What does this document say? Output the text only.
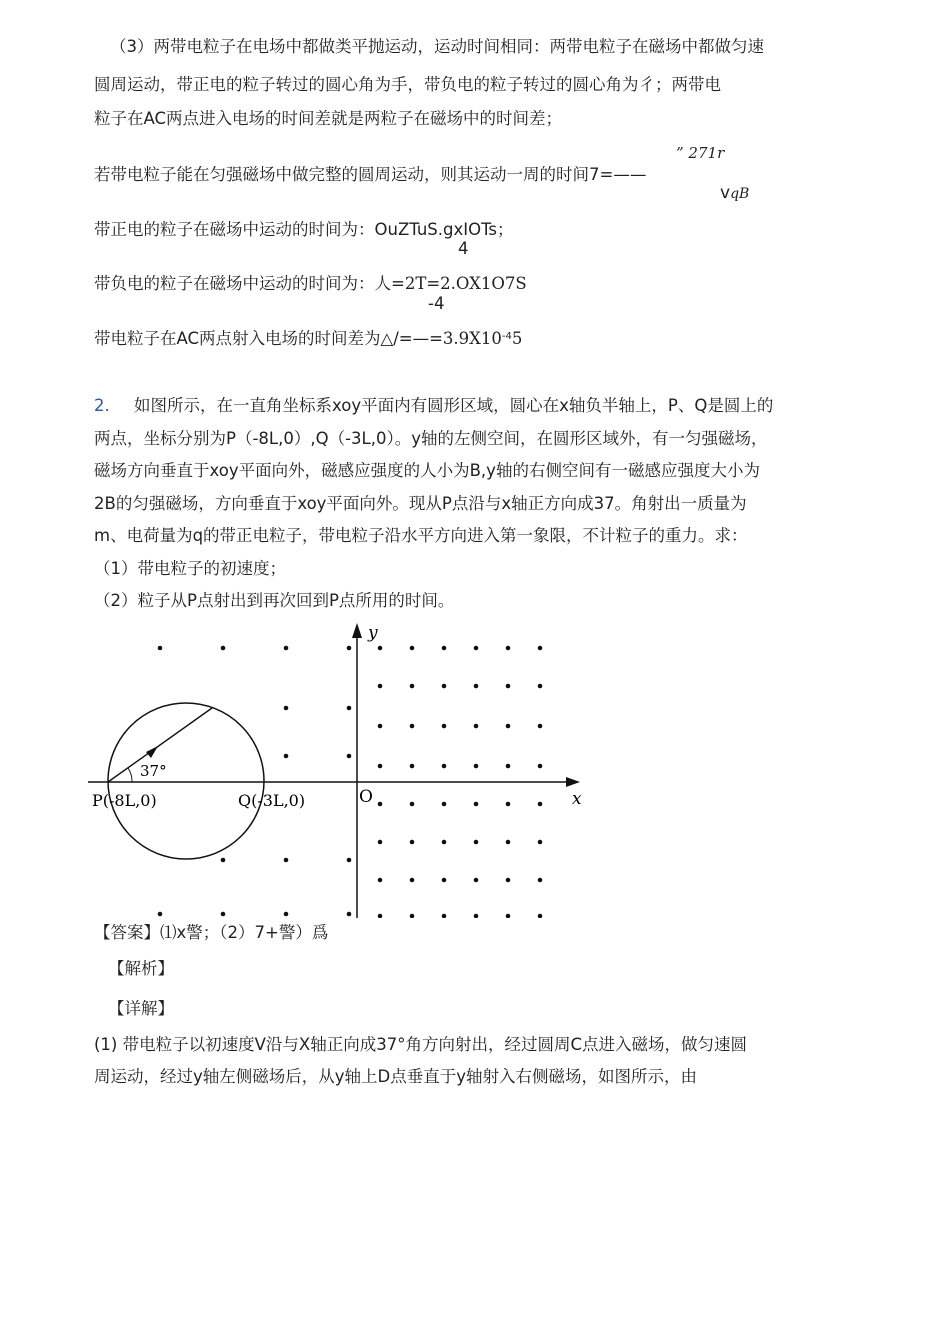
（3）两带电粒子在电场中都做类平抛运动，运动时间相同：两带电粒子在磁场中都做匀速
圆周运动，带正电的粒子转过的圆心角为手，带负电的粒子转过的圆心角为彳；两带电
粒子在AC两点进入电场的时间差就是两粒子在磁场中的时间差；
” 271r
若带电粒子能在匀强磁场中做完整的圆周运动，则其运动一周的时间7=——
vqB
带正电的粒子在磁场中运动的时间为：OuZTuS.gxIOTs；
4
带负电的粒子在磁场中运动的时间为：人=2T=2.OX1O7S
-4
带电粒子在AC两点射入电场的时间差为$\triangle/=—=3.9X10^{-4}5$
2. 如图所示，在一直角坐标系xoy平面内有圆形区域，圆心在x轴负半轴上，P、Q是圆上的
两点，坐标分别为P（-8L,0）,Q（-3L,0）。y轴的左侧空间，在圆形区域外，有一匀强磁场，
磁场方向垂直于xoy平面向外，磁感应强度的人小为B,y轴的右侧空间有一磁感应强度大小为
2B的匀强磁场，方向垂直于xoy平面向外。现从P点沿与x轴正方向成37。角射出一质量为
m、电荷量为q的带正电粒子，带电粒子沿水平方向进入第一象限，不计粒子的重力。求：
（1）带电粒子的初速度；
（2）粒子从P点射出到再次回到P点所用的时间。
y
x
O
P(-8L,0)	Q(-3L,0)
37°
【答案】⑴x警；（2）7+警）爲
【解析】
【详解】
(1) 带电粒子以初速度V沿与X轴正向成37°角方向射出，经过圆周C点进入磁场，做匀速圆
周运动，经过y轴左侧磁场后，从y轴上D点垂直于y轴射入右侧磁场，如图所示，由
